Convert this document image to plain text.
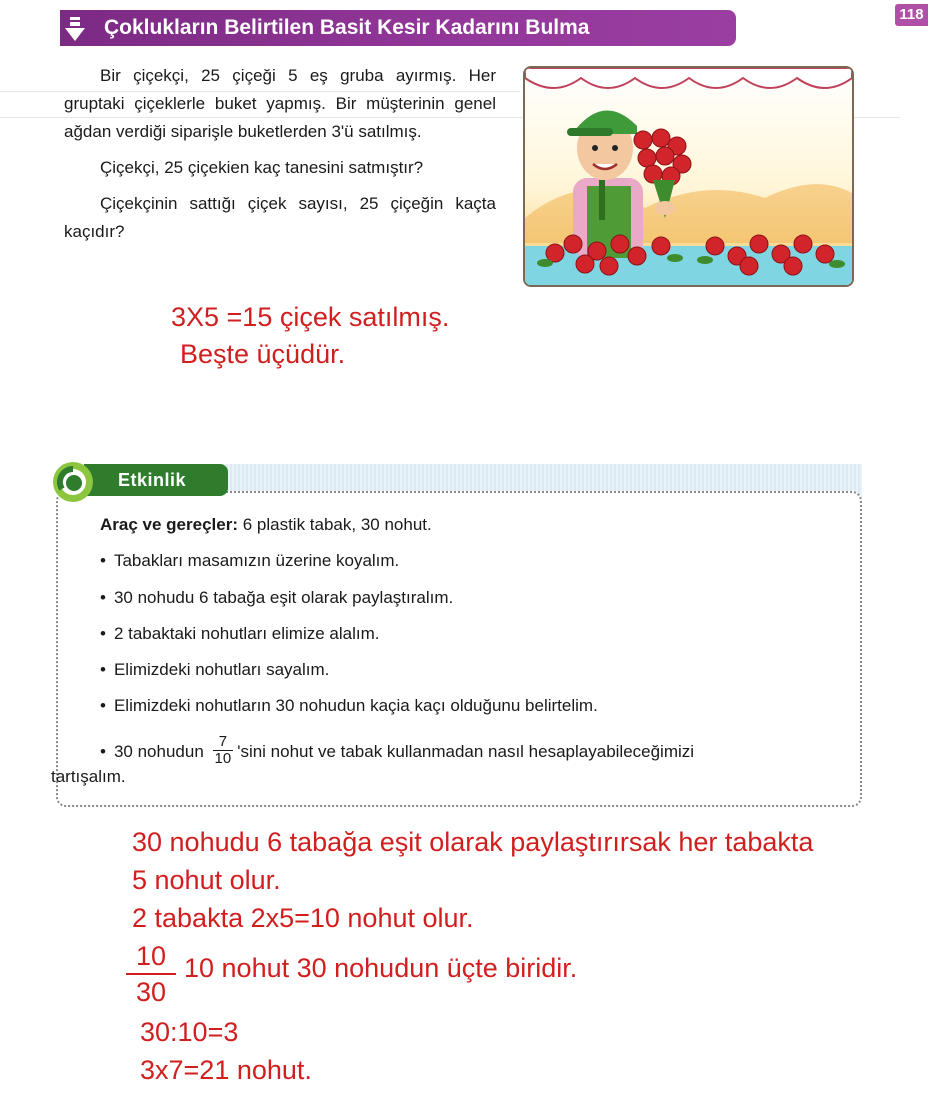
Çoklukların Belirtilen Basit Kesir Kadarını Bulma
118

Bir çiçekçi, 25 çiçeği 5 eş gruba ayırmış. Her gruptaki çiçeklerle buket yapmış. Bir müşterinin genel ağdan verdiği siparişle buketlerden 3'ü satılmış.

Çiçekçi, 25 çiçekien kaç tanesini satmıştır?

Çiçekçinin sattığı çiçek sayısı, 25 çiçeğin kaçta kaçıdır?

3X5 =15 çiçek satılmış.
Beşte üçüdür.
Etkinlik
Araç ve gereçler: 6 plastik tabak, 30 nohut.
• Tabakları masamızın üzerine koyalım.
• 30 nohudu 6 tabağa eşit olarak paylaştıralım.
• 2 tabaktaki nohutları elimize alalım.
• Elimizdeki nohutları sayalım.
• Elimizdeki nohutların 30 nohudun kaçia kaçı olduğunu belirtelim.
• 30 nohudun $\frac{7}{10}$ 'sini nohut ve tabak kullanmadan nasıl hesaplayabileceğimizi
tartışalım.
30 nohudu 6 tabağa eşit olarak paylaştırırsak her tabakta
5 nohut olur.
2 tabakta 2x5=10 nohut olur.
$\frac{10}{30} 10$ nohut 30 nohudun üçte biridir.
30:10=3
3x7=21 nohut.
